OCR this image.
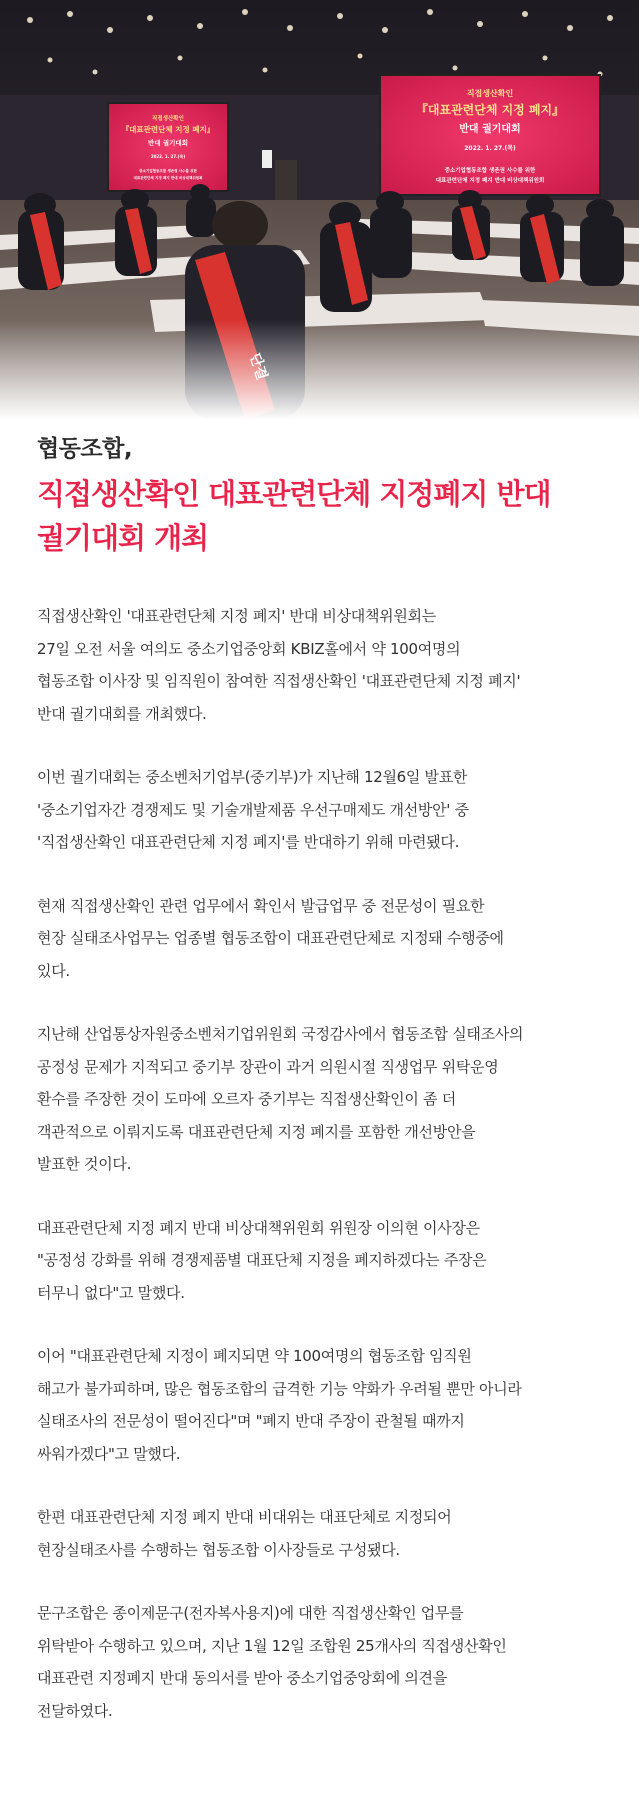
직접생산확인
『대표관련단체 지정 폐지』
반대 궐기대회
2022. 1. 27.(목)
중소기업협동조합 생존권 사수를 위한
대표관련단체 지정 폐지 반대 비상대책위원회
직접생산확인
『대표관련단체 지정 폐지』
반대 궐기대회
2022. 1. 27.(목)
중소기업협동조합 생존권 사수를 위한
대표관련단체 지정 폐지 반대 비상대책위원회
협동조합,
직접생산확인 대표관련단체 지정폐지 반대
궐기대회 개최

직접생산확인 '대표관련단체 지정 폐지' 반대 비상대책위원회는
27일 오전 서울 여의도 중소기업중앙회 KBIZ홀에서 약 100여명의
협동조합 이사장 및 임직원이 참여한 직접생산확인 '대표관련단체 지정 폐지'
반대 궐기대회를 개최했다.

이번 궐기대회는 중소벤처기업부(중기부)가 지난해 12월6일 발표한
'중소기업자간 경쟁제도 및 기술개발제품 우선구매제도 개선방안' 중
'직접생산확인 대표관련단체 지정 폐지'를 반대하기 위해 마련됐다.

현재 직접생산확인 관련 업무에서 확인서 발급업무 중 전문성이 필요한
현장 실태조사업무는 업종별 협동조합이 대표관련단체로 지정돼 수행중에
있다.

지난해 산업통상자원중소벤처기업위원회 국정감사에서 협동조합 실태조사의
공정성 문제가 지적되고 중기부 장관이 과거 의원시절 직생업무 위탁운영
환수를 주장한 것이 도마에 오르자 중기부는 직접생산확인이 좀 더
객관적으로 이뤄지도록 대표관련단체 지정 폐지를 포함한 개선방안을
발표한 것이다.

대표관련단체 지정 폐지 반대 비상대책위원회 위원장 이의현 이사장은
"공정성 강화를 위해 경쟁제품별 대표단체 지정을 폐지하겠다는 주장은
터무니 없다"고 말했다.

이어 "대표관련단체 지정이 폐지되면 약 100여명의 협동조합 임직원
해고가 불가피하며, 많은 협동조합의 급격한 기능 약화가 우려될 뿐만 아니라
실태조사의 전문성이 떨어진다"며 "폐지 반대 주장이 관철될 때까지
싸워가겠다"고 말했다.

한편 대표관련단체 지정 폐지 반대 비대위는 대표단체로 지정되어
현장실태조사를 수행하는 협동조합 이사장들로 구성됐다.

문구조합은 종이제문구(전자복사용지)에 대한 직접생산확인 업무를
위탁받아 수행하고 있으며, 지난 1월 12일 조합원 25개사의 직접생산확인
대표관련 지정폐지 반대 동의서를 받아 중소기업중앙회에 의견을
전달하였다.
